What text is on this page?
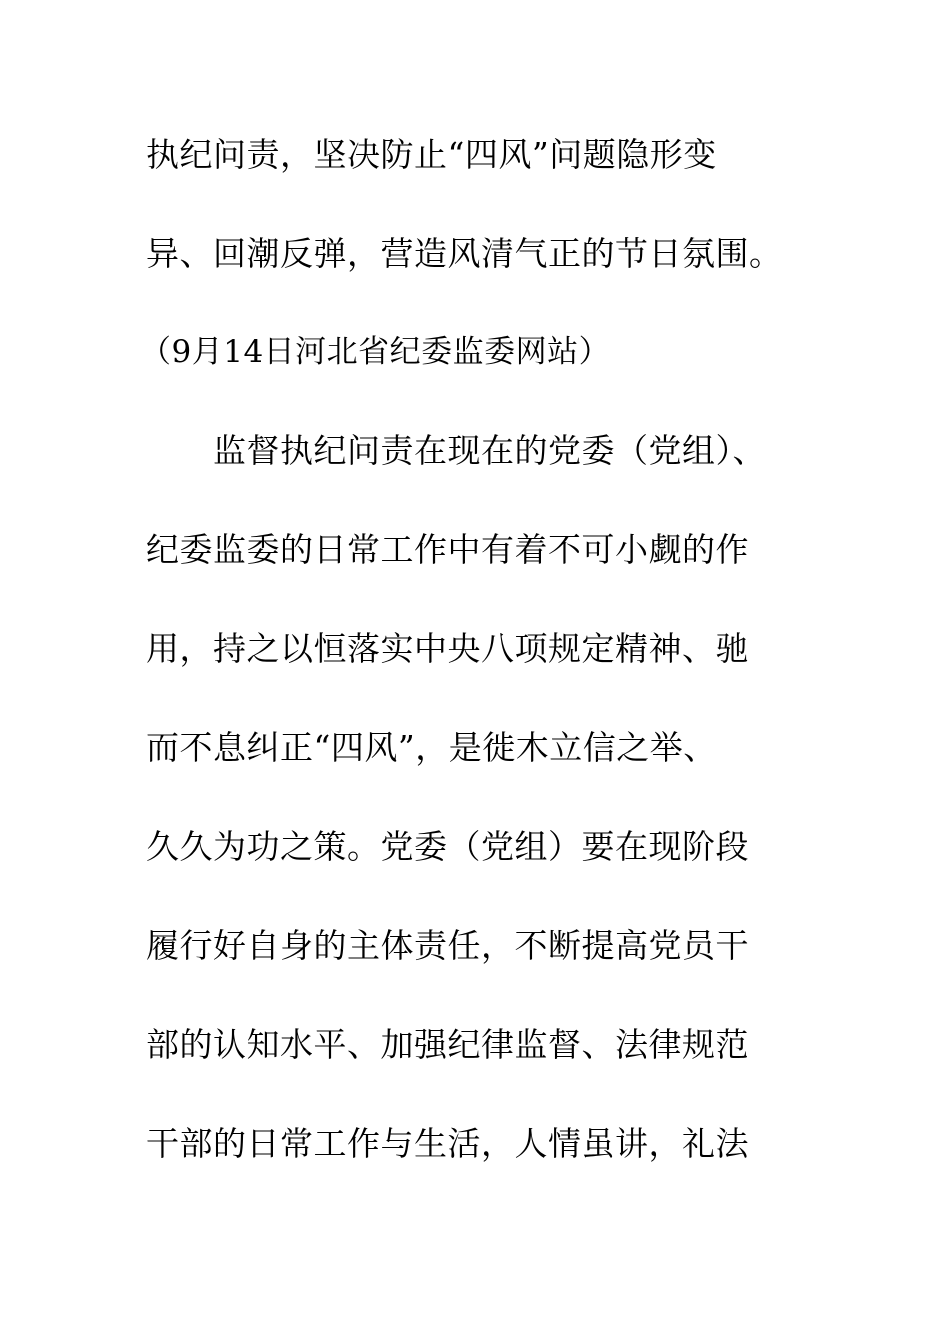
执纪问责，坚决防止“四风”问题隐形变
异、回潮反弹，营造风清气正的节日氛围。
（9月14日河北省纪委监委网站）
监督执纪问责在现在的党委（党组）、
纪委监委的日常工作中有着不可小觑的作
用，持之以恒落实中央八项规定精神、驰
而不息纠正“四风”，是徙木立信之举、
久久为功之策。党委（党组）要在现阶段
履行好自身的主体责任，不断提高党员干
部的认知水平、加强纪律监督、法律规范
干部的日常工作与生活，人情虽讲，礼法
